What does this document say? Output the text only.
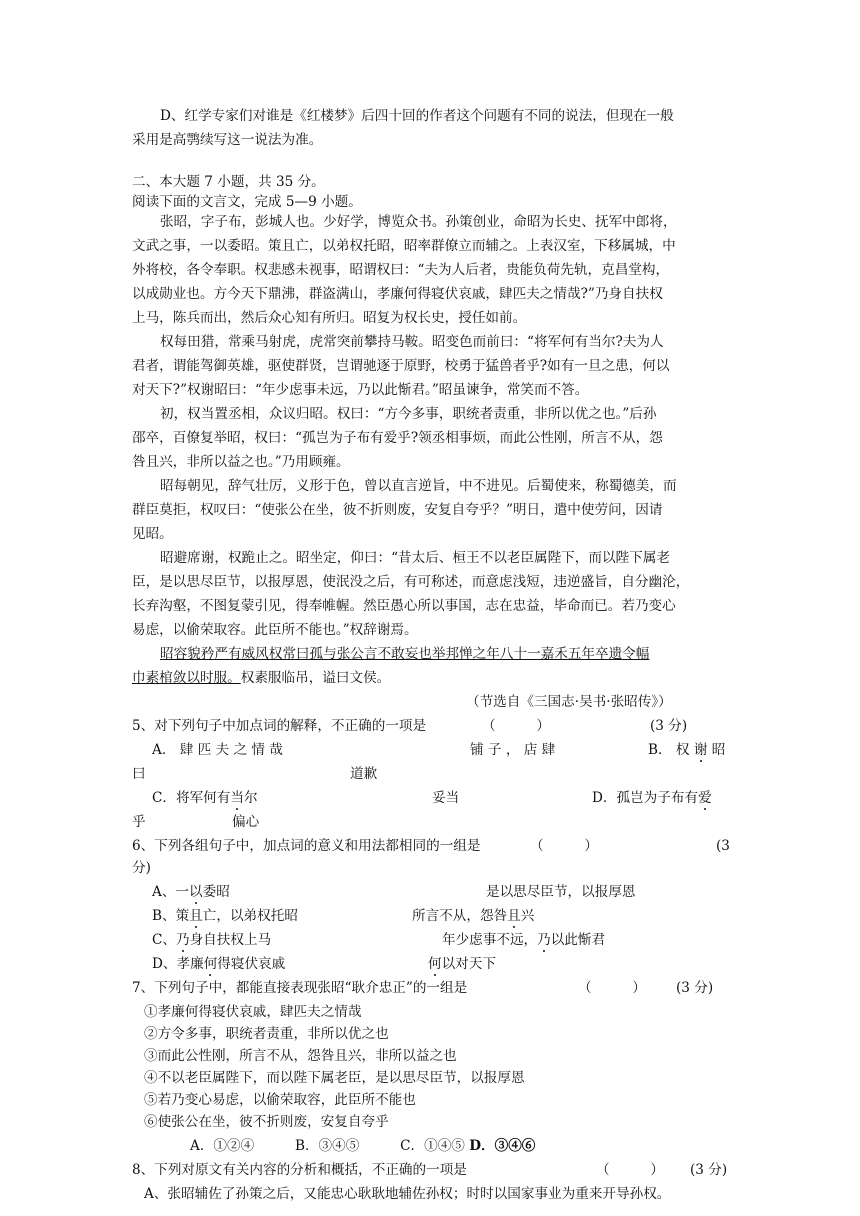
D、红学专家们对谁是《红楼梦》后四十回的作者这个问题有不同的说法，但现在一般
采用是高鹗续写这一说法为准。
二、本大题 7 小题，共 35 分。
阅读下面的文言文，完成 5—9 小题。
张昭，字子布，彭城人也。少好学，博览众书。孙策创业，命昭为长史、抚军中郎将，
文武之事，一以委昭。策且亡，以弟权托昭，昭率群僚立而辅之。上表汉室，下移属城，中
外将校，各令奉职。权悲感未视事，昭谓权曰：“夫为人后者，贵能负荷先轨，克昌堂构，
以成勋业也。方今天下鼎沸，群盗满山，孝廉何得寝伏哀戚，肆匹夫之情哉?”乃身自扶权
上马，陈兵而出，然后众心知有所归。昭复为权长史，授任如前。
权每田猎，常乘马射虎，虎常突前攀持马鞍。昭变色而前曰：“将军何有当尔?夫为人
君者，谓能驾御英雄，驱使群贤，岂谓驰逐于原野，校勇于猛兽者乎?如有一旦之患，何以
对天下?”权谢昭曰：“年少虑事未远，乃以此惭君。”昭虽谏争，常笑而不答。
初，权当置丞相，众议归昭。权曰：“方今多事，职统者责重，非所以优之也。”后孙
邵卒，百僚复举昭，权曰：“孤岂为子布有爱乎?领丞相事烦，而此公性刚，所言不从，怨
咎且兴，非所以益之也。”乃用顾雍。
昭每朝见，辞气壮厉，义形于色，曾以直言逆旨，中不进见。后蜀使来，称蜀德美，而
群臣莫拒，权叹曰：“使张公在坐，彼不折则废，安复自夸乎？”明日，遣中使劳问，因请
见昭。
昭避席谢，权跪止之。昭坐定，仰曰：“昔太后、桓王不以老臣属陛下，而以陛下属老
臣，是以思尽臣节，以报厚恩，使泯没之后，有可称述，而意虑浅短，违逆盛旨，自分幽沦，
长弃沟壑，不图复蒙引见，得奉帷幄。然臣愚心所以事国，志在忠益，毕命而已。若乃变心
易虑，以偷荣取容。此臣所不能也。”权辞谢焉。
昭容貌矜严有威风权常曰孤与张公言不敢妄也举邦惮之年八十一嘉禾五年卒遗令幅
巾素棺敛以时服。权素服临吊，谥曰文侯。
（节选自《三国志·吴书·张昭传》）
5、对下列句子中加点词的解释，不正确的一项是	（　　　）	(3 分)
A． 肆 匹 夫 之 情 哉	铺 子 ， 店 肆	B． 权 谢 昭
曰	道歉
C．将军何有当尔	妥当	D．孤岂为子布有爱
乎	偏心
6、下列各组句子中，加点词的意义和用法都相同的一组是	（　　　）	(3
分)
A、一以委昭	是以思尽臣节，以报厚恩
B、策且亡，以弟权托昭	所言不从，怨咎且兴
C、乃身自扶权上马	年少虑事不远，乃以此惭君
D、孝廉何得寝伏哀戚	何以对天下
7、下列句子中，都能直接表现张昭“耿介忠正”的一组是	（　　　） (3 分)
①孝廉何得寝伏哀戚，肆匹夫之情哉
②方令多事，职统者责重，非所以优之也
③而此公性刚，所言不从，怨咎且兴，非所以益之也
④不以老臣属陛下，而以陛下属老臣，是以思尽臣节，以报厚恩
⑤若乃变心易虑，以偷荣取容，此臣所不能也
⑥使张公在坐，彼不折则废，安复自夸乎
A．①②④　　　B．③④⑤　　　C．①④⑤ D．③④⑥
8、下列对原文有关内容的分析和概括，不正确的一项是	（　　　） (3 分)
A、张昭辅佐了孙策之后，又能忠心耿耿地辅佐孙权；时时以国家事业为重来开导孙权。
